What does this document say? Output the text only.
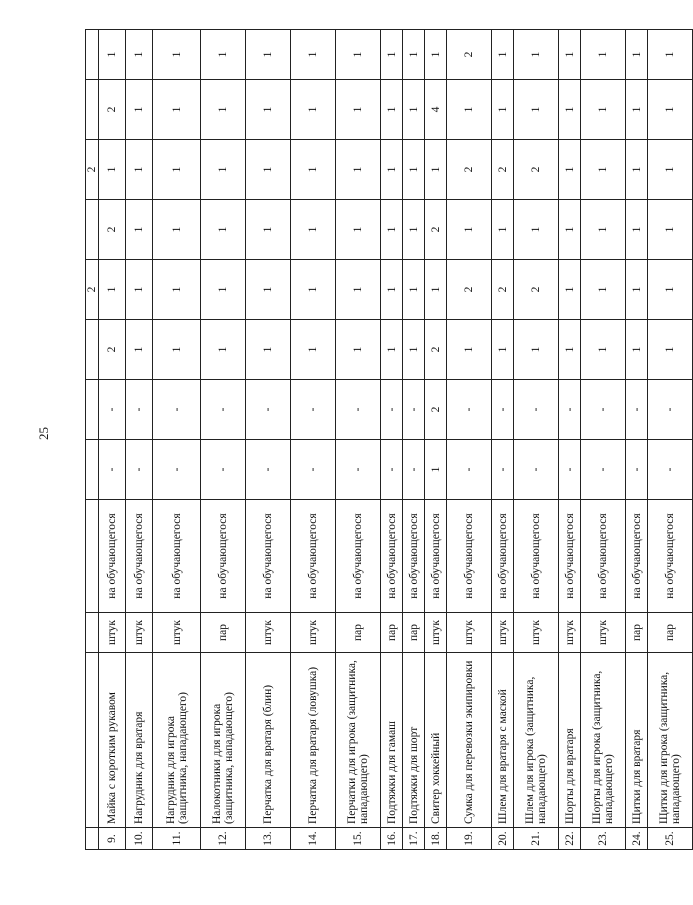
25
							2		2		
9.	Майка с коротким рукавом	штук	на обучающегося	-	-	2	1	2	1	2	1
10.	Нагрудник для вратаря	штук	на обучающегося	-	-	1	1	1	1	1	1
11.	Нагрудник для игрока (защитника, нападающего)	штук	на обучающегося	-	-	1	1	1	1	1	1
12.	Налокотники для игрока (защитника, нападающего)	пар	на обучающегося	-	-	1	1	1	1	1	1
13.	Перчатка для вратаря (блин)	штук	на обучающегося	-	-	1	1	1	1	1	1
14.	Перчатка для вратаря (ловушка)	штук	на обучающегося	-	-	1	1	1	1	1	1
15.	Перчатки для игрока (защитника, нападающего)	пар	на обучающегося	-	-	1	1	1	1	1	1
16.	Подтяжки для гамаш	пар	на обучающегося	-	-	1	1	1	1	1	1
17.	Подтяжки для шорт	пар	на обучающегося	-	-	1	1	1	1	1	1
18.	Свитер хоккейный	штук	на обучающегося	1	2	2	1	2	1	4	1
19.	Сумка для перевозки экипировки	штук	на обучающегося	-	-	1	2	1	2	1	2
20.	Шлем для вратаря с маской	штук	на обучающегося	-	-	1	2	1	2	1	1
21.	Шлем для игрока (защитника, нападающего)	штук	на обучающегося	-	-	1	2	1	2	1	1
22.	Шорты для вратаря	штук	на обучающегося	-	-	1	1	1	1	1	1
23.	Шорты для игрока (защитника, нападающего)	штук	на обучающегося	-	-	1	1	1	1	1	1
24.	Щитки для вратаря	пар	на обучающегося	-	-	1	1	1	1	1	1
25.	Щитки для игрока (защитника, нападающего)	пар	на обучающегося	-	-	1	1	1	1	1	1
